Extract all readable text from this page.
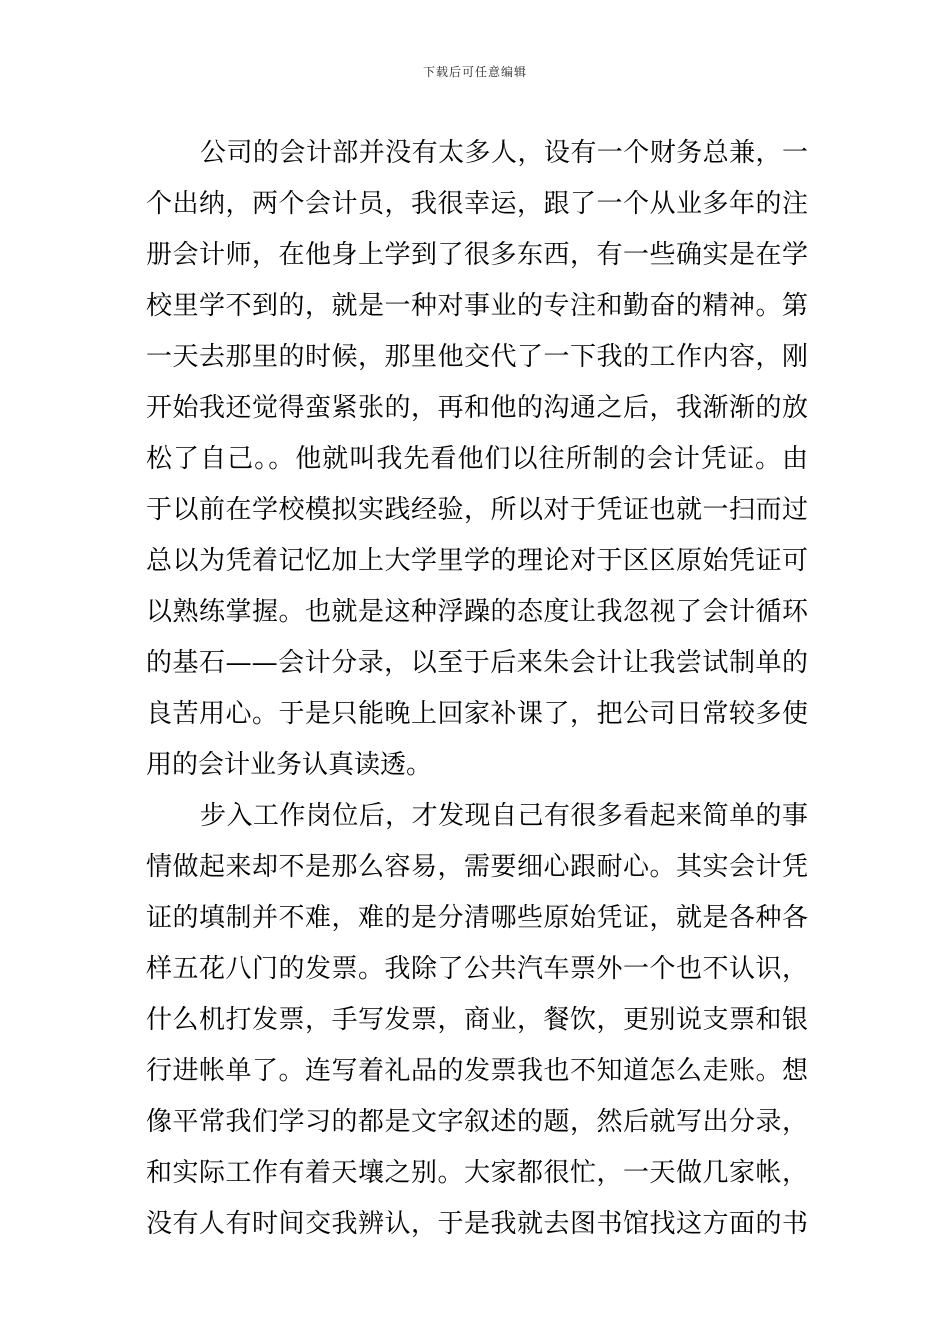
下载后可任意编辑
公司的会计部并没有太多人，设有一个财务总兼，一
个出纳，两个会计员，我很幸运，跟了一个从业多年的注
册会计师，在他身上学到了很多东西，有一些确实是在学
校里学不到的，就是一种对事业的专注和勤奋的精神。第
一天去那里的时候，那里他交代了一下我的工作内容，刚
开始我还觉得蛮紧张的，再和他的沟通之后，我渐渐的放
松了自己。。他就叫我先看他们以往所制的会计凭证。由
于以前在学校模拟实践经验，所以对于凭证也就一扫而过
总以为凭着记忆加上大学里学的理论对于区区原始凭证可
以熟练掌握。也就是这种浮躁的态度让我忽视了会计循环
的基石——会计分录，以至于后来朱会计让我尝试制单的
良苦用心。于是只能晚上回家补课了，把公司日常较多使
用的会计业务认真读透。
步入工作岗位后，才发现自己有很多看起来简单的事
情做起来却不是那么容易，需要细心跟耐心。其实会计凭
证的填制并不难，难的是分清哪些原始凭证，就是各种各
样五花八门的发票。我除了公共汽车票外一个也不认识，
什么机打发票，手写发票，商业，餐饮，更别说支票和银
行进帐单了。连写着礼品的发票我也不知道怎么走账。想
像平常我们学习的都是文字叙述的题，然后就写出分录，
和实际工作有着天壤之别。大家都很忙，一天做几家帐，
没有人有时间交我辨认，于是我就去图书馆找这方面的书
